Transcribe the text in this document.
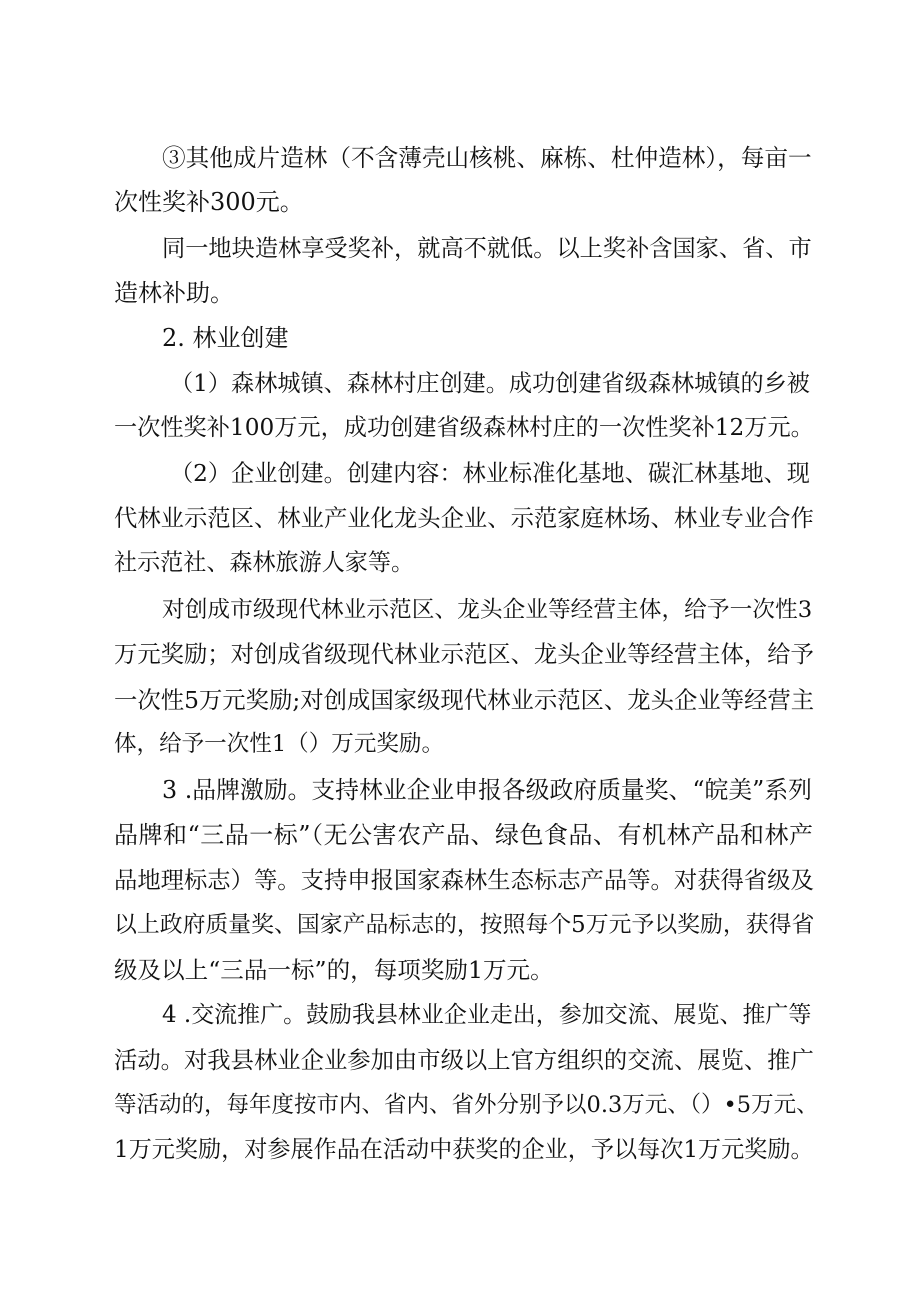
③其他成片造林（不含薄壳山核桃、麻栋、杜仲造林），每亩一

次性奖补300元。

同一地块造林享受奖补，就高不就低。以上奖补含国家、省、市

造林补助。

2. 林业创建

（1）森林城镇、森林村庄创建。成功创建省级森林城镇的乡被

一次性奖补100万元，成功创建省级森林村庄的一次性奖补12万元。

（2）企业创建。创建内容：林业标准化基地、碳汇林基地、现

代林业示范区、林业产业化龙头企业、示范家庭林场、林业专业合作

社示范社、森林旅游人家等。

对创成市级现代林业示范区、龙头企业等经营主体，给予一次性3

万元奖励；对创成省级现代林业示范区、龙头企业等经营主体，给予

一次性5万元奖励;对创成国家级现代林业示范区、龙头企业等经营主

体，给予一次性1（）万元奖励。

3 .品牌激励。支持林业企业申报各级政府质量奖、“皖美”系列

品牌和“三品一标”（无公害农产品、绿色食品、有机林产品和林产

品地理标志）等。支持申报国家森林生态标志产品等。对获得省级及

以上政府质量奖、国家产品标志的，按照每个5万元予以奖励，获得省

级及以上“三品一标”的，每项奖励1万元。

4 .交流推广。鼓励我县林业企业走出，参加交流、展览、推广等

活动。对我县林业企业参加由市级以上官方组织的交流、展览、推广

等活动的，每年度按市内、省内、省外分别予以0.3万元、（）•5万元、

1万元奖励，对参展作品在活动中获奖的企业，予以每次1万元奖励。
